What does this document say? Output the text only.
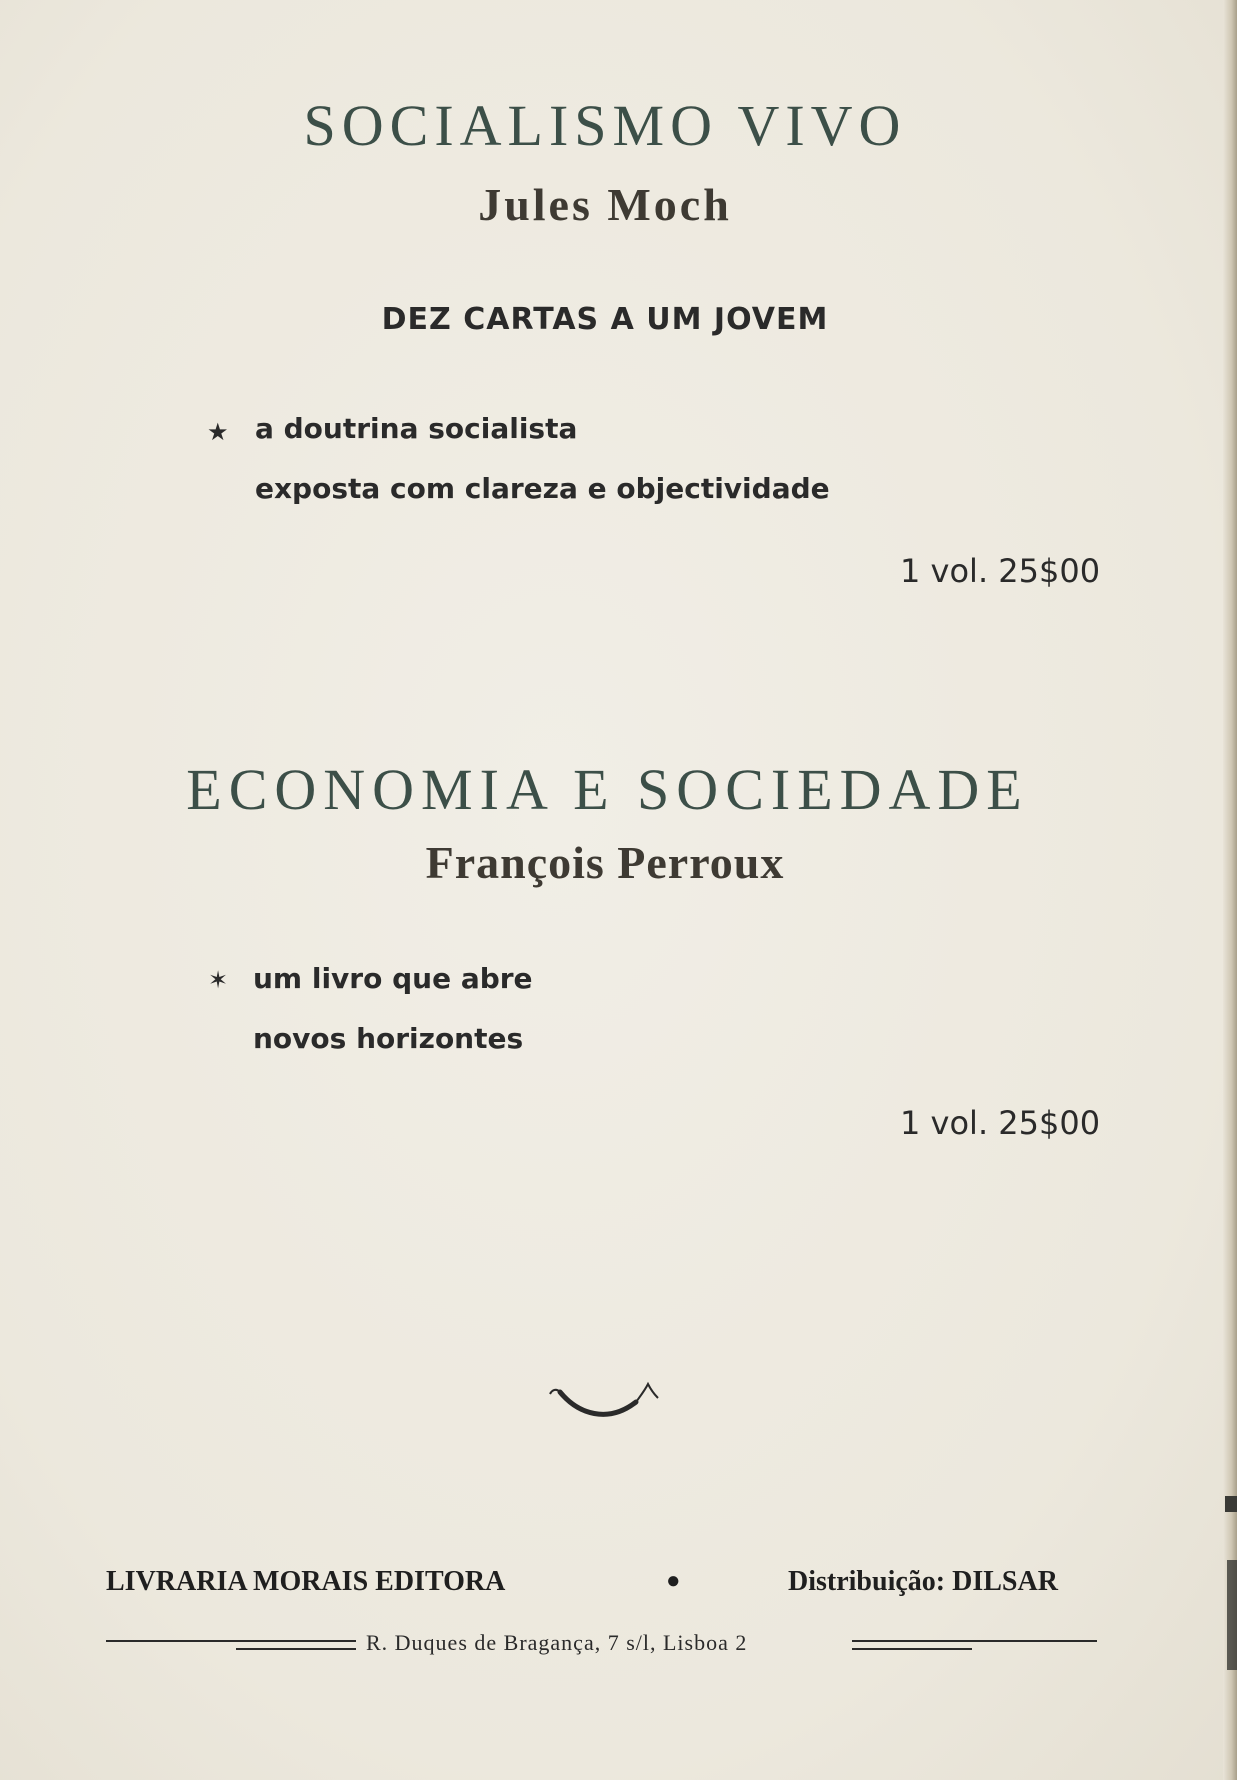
SOCIALISMO VIVO
Jules Moch
DEZ CARTAS A UM JOVEM
★ a doutrina socialista
exposta com clareza e objectividade
1 vol. 25$00
ECONOMIA E SOCIEDADE
François Perroux
✶ um livro que abre
novos horizontes
1 vol. 25$00
LIVRARIA MORAIS EDITORA	●	Distribuição: DILSAR
R. Duques de Bragança, 7 s/l, Lisboa 2
